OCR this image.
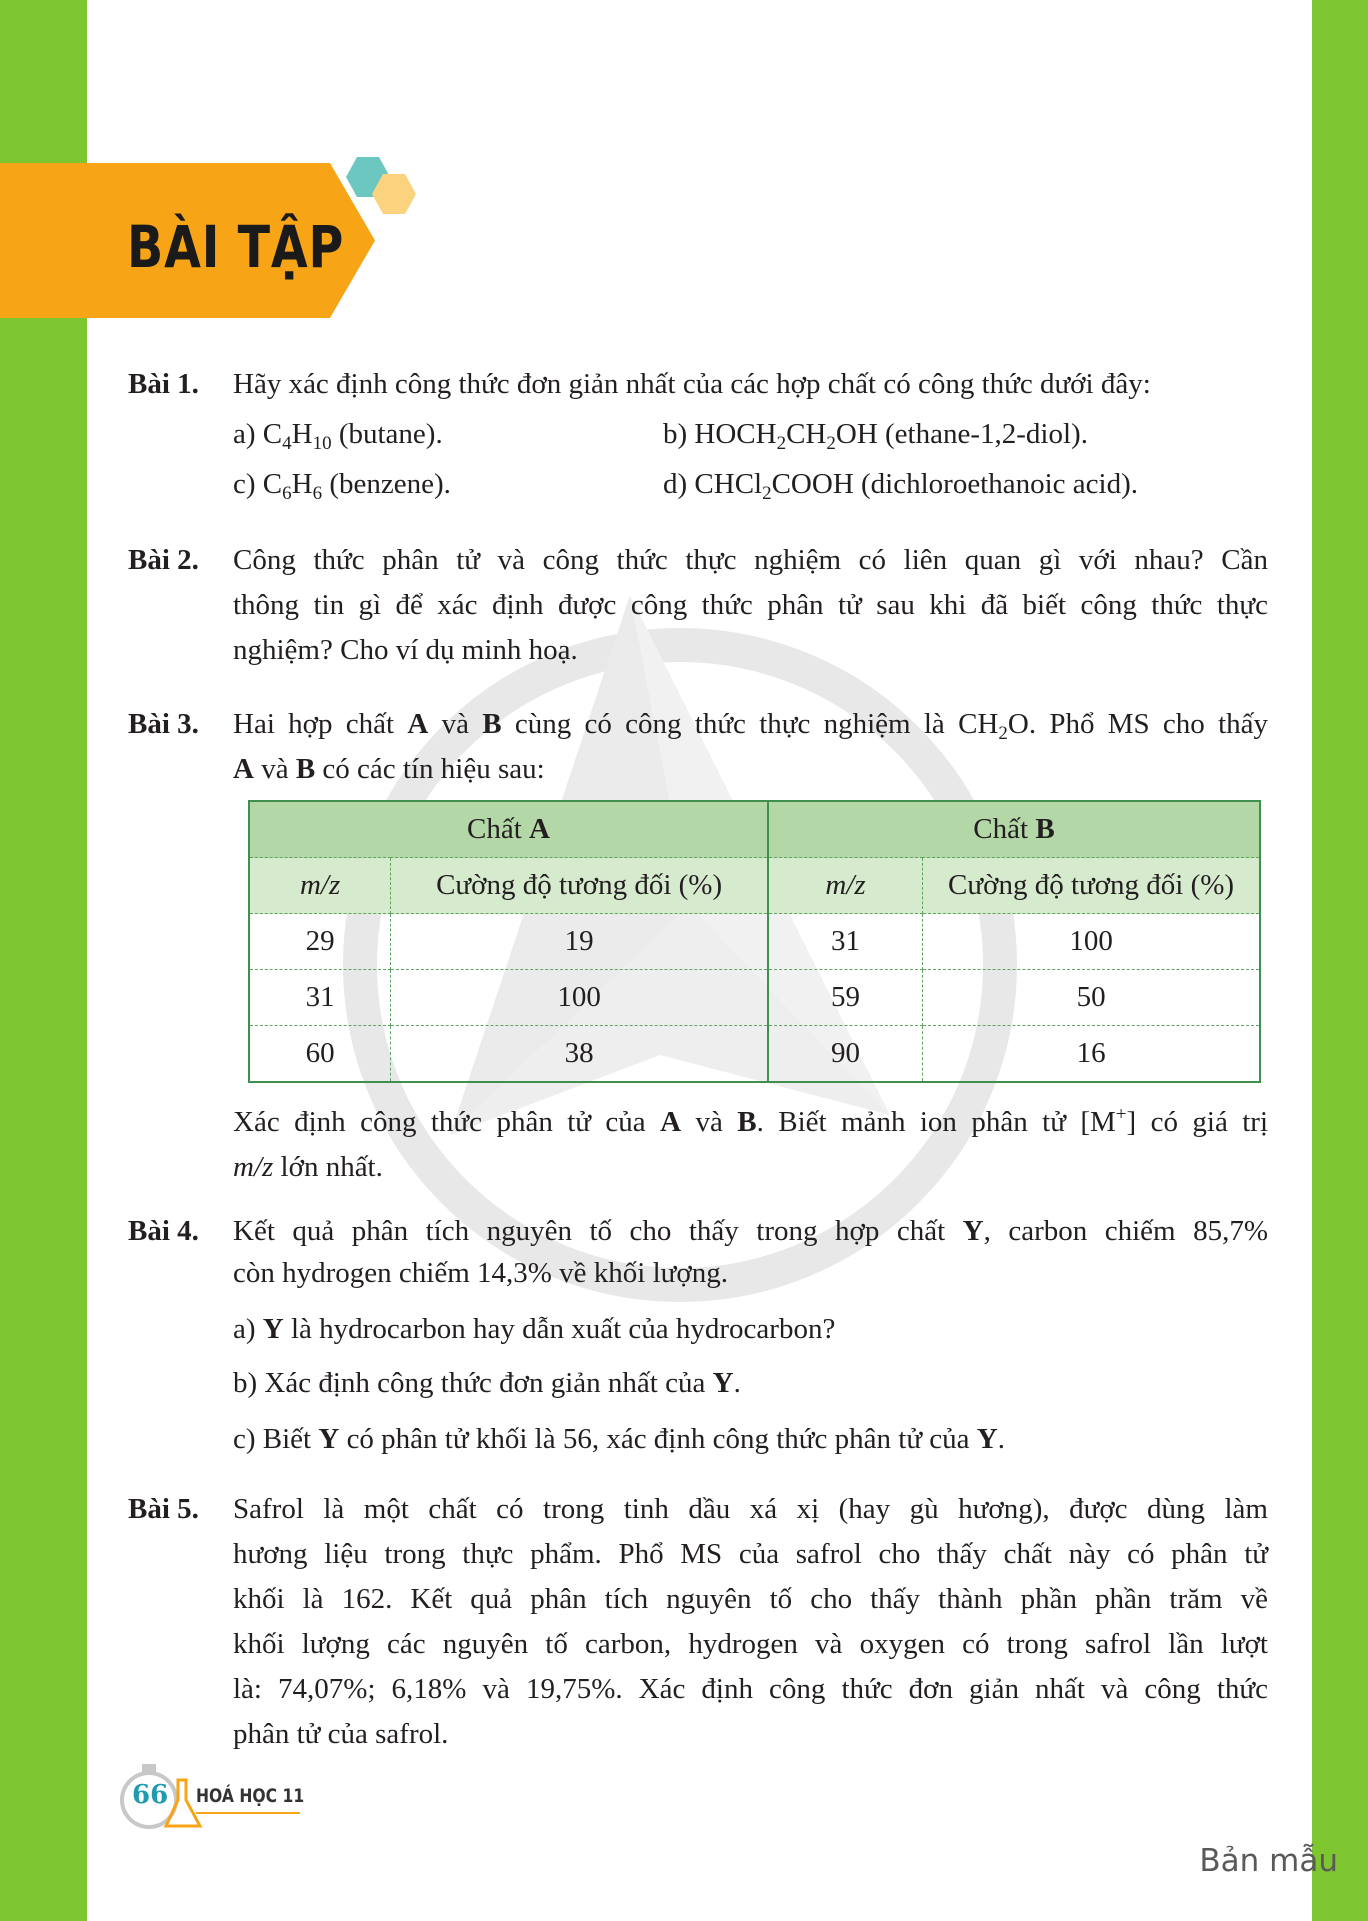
BÀI TẬP
Bài 1.	Hãy xác định công thức đơn giản nhất của các hợp chất có công thức dưới đây:
a) $C_4H_{10}$ (butane).	b) $HOCH_2CH_2OH$ (ethane-1,2-diol).
c) $C_6H_6$ (benzene).	d) CHCl$_2$COOH (dichloroethanoic acid).
Bài 2.	Công thức phân tử và công thức thực nghiệm có liên quan gì với nhau? Cần
thông tin gì để xác định được công thức phân tử sau khi đã biết công thức thực
nghiệm? Cho ví dụ minh hoạ.
Bài 3.	Hai hợp chất A và B cùng có công thức thực nghiệm là $CH_2O$. Phổ MS cho thấy
A và B có các tín hiệu sau:
Chất A		Chất B	
m/z	Cường độ tương đối (%)	m/z	Cường độ tương đối (%)
29	19	31	100
31	100	59	50
60	38	90	16
Xác định công thức phân tử của A và B. Biết mảnh ion phân tử [M+] có giá trị
m/z lớn nhất.
Bài 4.	Kết quả phân tích nguyên tố cho thấy trong hợp chất Y, carbon chiếm 85,7%
còn hydrogen chiếm 14,3% về khối lượng.
a) Y là hydrocarbon hay dẫn xuất của hydrocarbon?
b) Xác định công thức đơn giản nhất của Y.
c) Biết Y có phân tử khối là 56, xác định công thức phân tử của Y.
Bài 5.	Safrol là một chất có trong tinh dầu xá xị (hay gù hương), được dùng làm
hương liệu trong thực phẩm. Phổ MS của safrol cho thấy chất này có phân tử
khối là 162. Kết quả phân tích nguyên tố cho thấy thành phần phần trăm về
khối lượng các nguyên tố carbon, hydrogen và oxygen có trong safrol lần lượt
là: 74,07%; 6,18% và 19,75%. Xác định công thức đơn giản nhất và công thức
phân tử của safrol.
66 HOÁ HỌC 11
Bản mẫu
